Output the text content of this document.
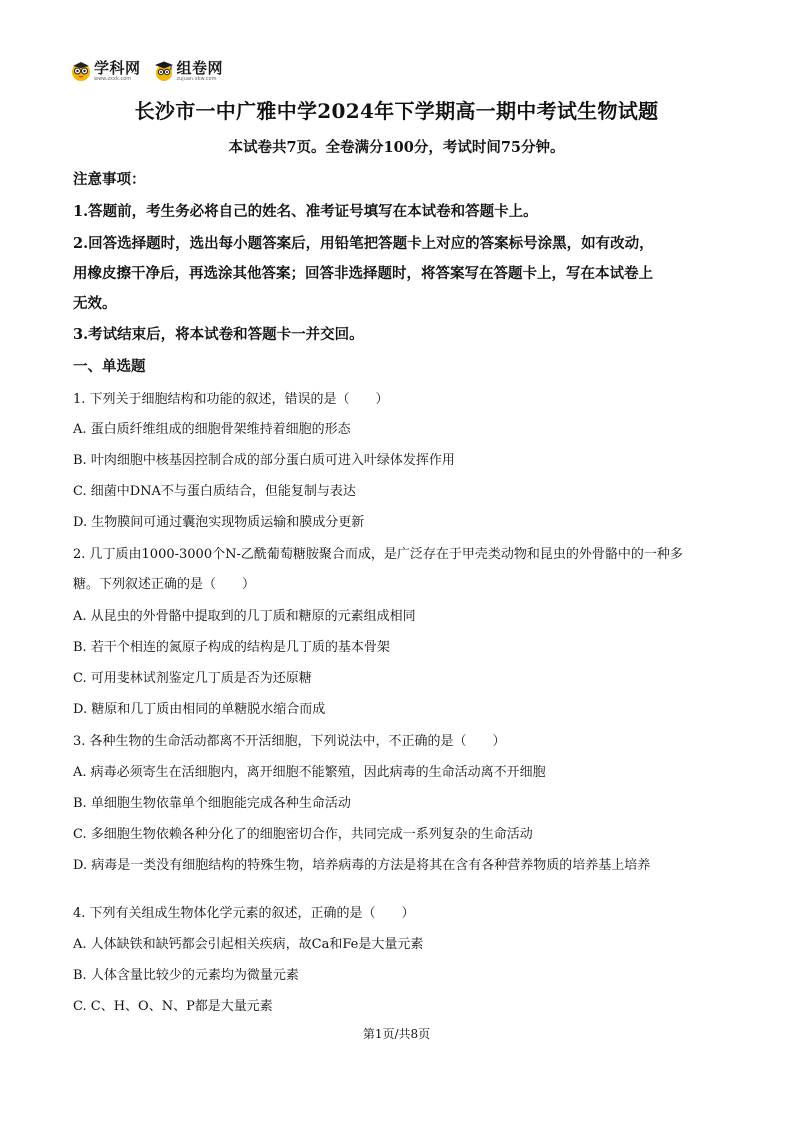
学科网
www.zxxk.com
组卷网
zujuan.xkw.com
长沙市一中广雅中学2024年下学期高一期中考试生物试题
本试卷共7页。全卷满分100分，考试时间75分钟。
注意事项：
1.答题前，考生务必将自己的姓名、准考证号填写在本试卷和答题卡上。
2.回答选择题时，选出每小题答案后，用铅笔把答题卡上对应的答案标号涂黑，如有改动，
用橡皮擦干净后，再选涂其他答案；回答非选择题时，将答案写在答题卡上，写在本试卷上
无效。
3.考试结束后，将本试卷和答题卡一并交回。
一、单选题
1. 下列关于细胞结构和功能的叙述，错误的是（　　）
A. 蛋白质纤维组成的细胞骨架维持着细胞的形态
B. 叶肉细胞中核基因控制合成的部分蛋白质可进入叶绿体发挥作用
C. 细菌中DNA不与蛋白质结合，但能复制与表达
D. 生物膜间可通过囊泡实现物质运输和膜成分更新
2. 几丁质由1000-3000个N-乙酰葡萄糖胺聚合而成，是广泛存在于甲壳类动物和昆虫的外骨骼中的一种多
糖。下列叙述正确的是（　　）
A. 从昆虫的外骨骼中提取到的几丁质和糖原的元素组成相同
B. 若干个相连的氮原子构成的结构是几丁质的基本骨架
C. 可用斐林试剂鉴定几丁质是否为还原糖
D. 糖原和几丁质由相同的单糖脱水缩合而成
3. 各种生物的生命活动都离不开活细胞，下列说法中，不正确的是（　　）
A. 病毒必须寄生在活细胞内，离开细胞不能繁殖，因此病毒的生命活动离不开细胞
B. 单细胞生物依靠单个细胞能完成各种生命活动
C. 多细胞生物依赖各种分化了的细胞密切合作，共同完成一系列复杂的生命活动
D. 病毒是一类没有细胞结构的特殊生物，培养病毒的方法是将其在含有各种营养物质的培养基上培养
4. 下列有关组成生物体化学元素的叙述，正确的是（　　）
A. 人体缺铁和缺钙都会引起相关疾病，故Ca和Fe是大量元素
B. 人体含量比较少的元素均为微量元素
C. C、H、O、N、P都是大量元素
第1页/共8页
